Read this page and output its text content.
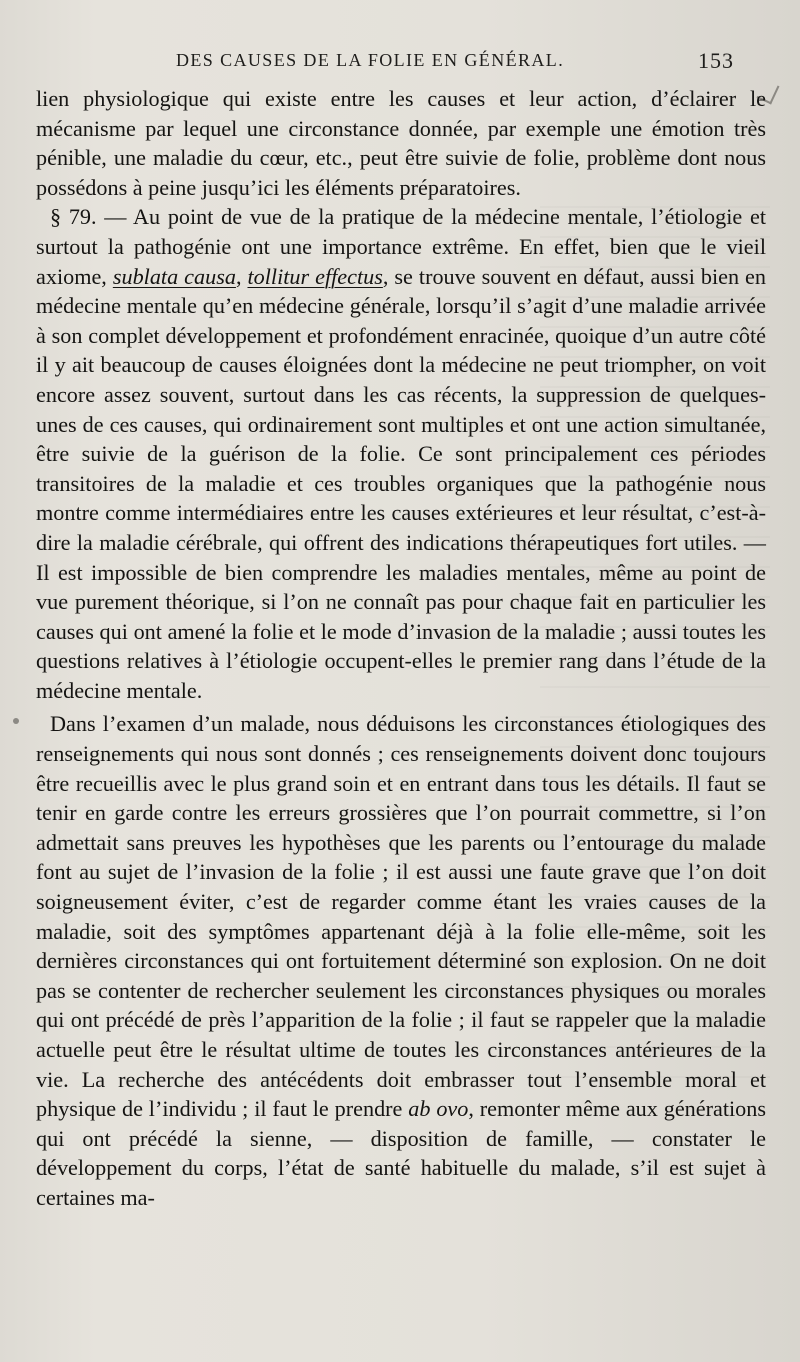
DES CAUSES DE LA FOLIE EN GÉNÉRAL.	153

lien physiologique qui existe entre les causes et leur action, d’éclairer le mécanisme par lequel une circonstance donnée, par exemple une émotion très pénible, une maladie du cœur, etc., peut être suivie de folie, problème dont nous possédons à peine jusqu’ici les éléments préparatoires.

§ 79. — Au point de vue de la pratique de la médecine mentale, l’étiologie et surtout la pathogénie ont une importance extrême. En effet, bien que le vieil axiome, sublata causa, tollitur effectus, se trouve souvent en défaut, aussi bien en médecine mentale qu’en médecine générale, lorsqu’il s’agit d’une maladie arrivée à son complet développement et profondément enracinée, quoique d’un autre côté il y ait beaucoup de causes éloignées dont la médecine ne peut triompher, on voit encore assez souvent, surtout dans les cas récents, la suppression de quelques-unes de ces causes, qui ordinairement sont multiples et ont une action simultanée, être suivie de la guérison de la folie. Ce sont principalement ces périodes transitoires de la maladie et ces troubles organiques que la pathogénie nous montre comme intermédiaires entre les causes extérieures et leur résultat, c’est-à-dire la maladie cérébrale, qui offrent des indications thérapeutiques fort utiles. — Il est impossible de bien comprendre les maladies mentales, même au point de vue purement théorique, si l’on ne connaît pas pour chaque fait en particulier les causes qui ont amené la folie et le mode d’invasion de la maladie ; aussi toutes les questions relatives à l’étiologie occupent-elles le premier rang dans l’étude de la médecine mentale.

Dans l’examen d’un malade, nous déduisons les circonstances étiologiques des renseignements qui nous sont donnés ; ces renseignements doivent donc toujours être recueillis avec le plus grand soin et en entrant dans tous les détails. Il faut se tenir en garde contre les erreurs grossières que l’on pourrait commettre, si l’on admettait sans preuves les hypothèses que les parents ou l’entourage du malade font au sujet de l’invasion de la folie ; il est aussi une faute grave que l’on doit soigneusement éviter, c’est de regarder comme étant les vraies causes de la maladie, soit des symptômes appartenant déjà à la folie elle-même, soit les dernières circonstances qui ont fortuitement déterminé son explosion. On ne doit pas se contenter de rechercher seulement les circonstances physiques ou morales qui ont précédé de près l’apparition de la folie ; il faut se rappeler que la maladie actuelle peut être le résultat ultime de toutes les circonstances antérieures de la vie. La recherche des antécédents doit embrasser tout l’ensemble moral et physique de l’individu ; il faut le prendre ab ovo, remonter même aux générations qui ont précédé la sienne, — disposition de famille, — constater le développement du corps, l’état de santé habituelle du malade, s’il est sujet à certaines ma-
